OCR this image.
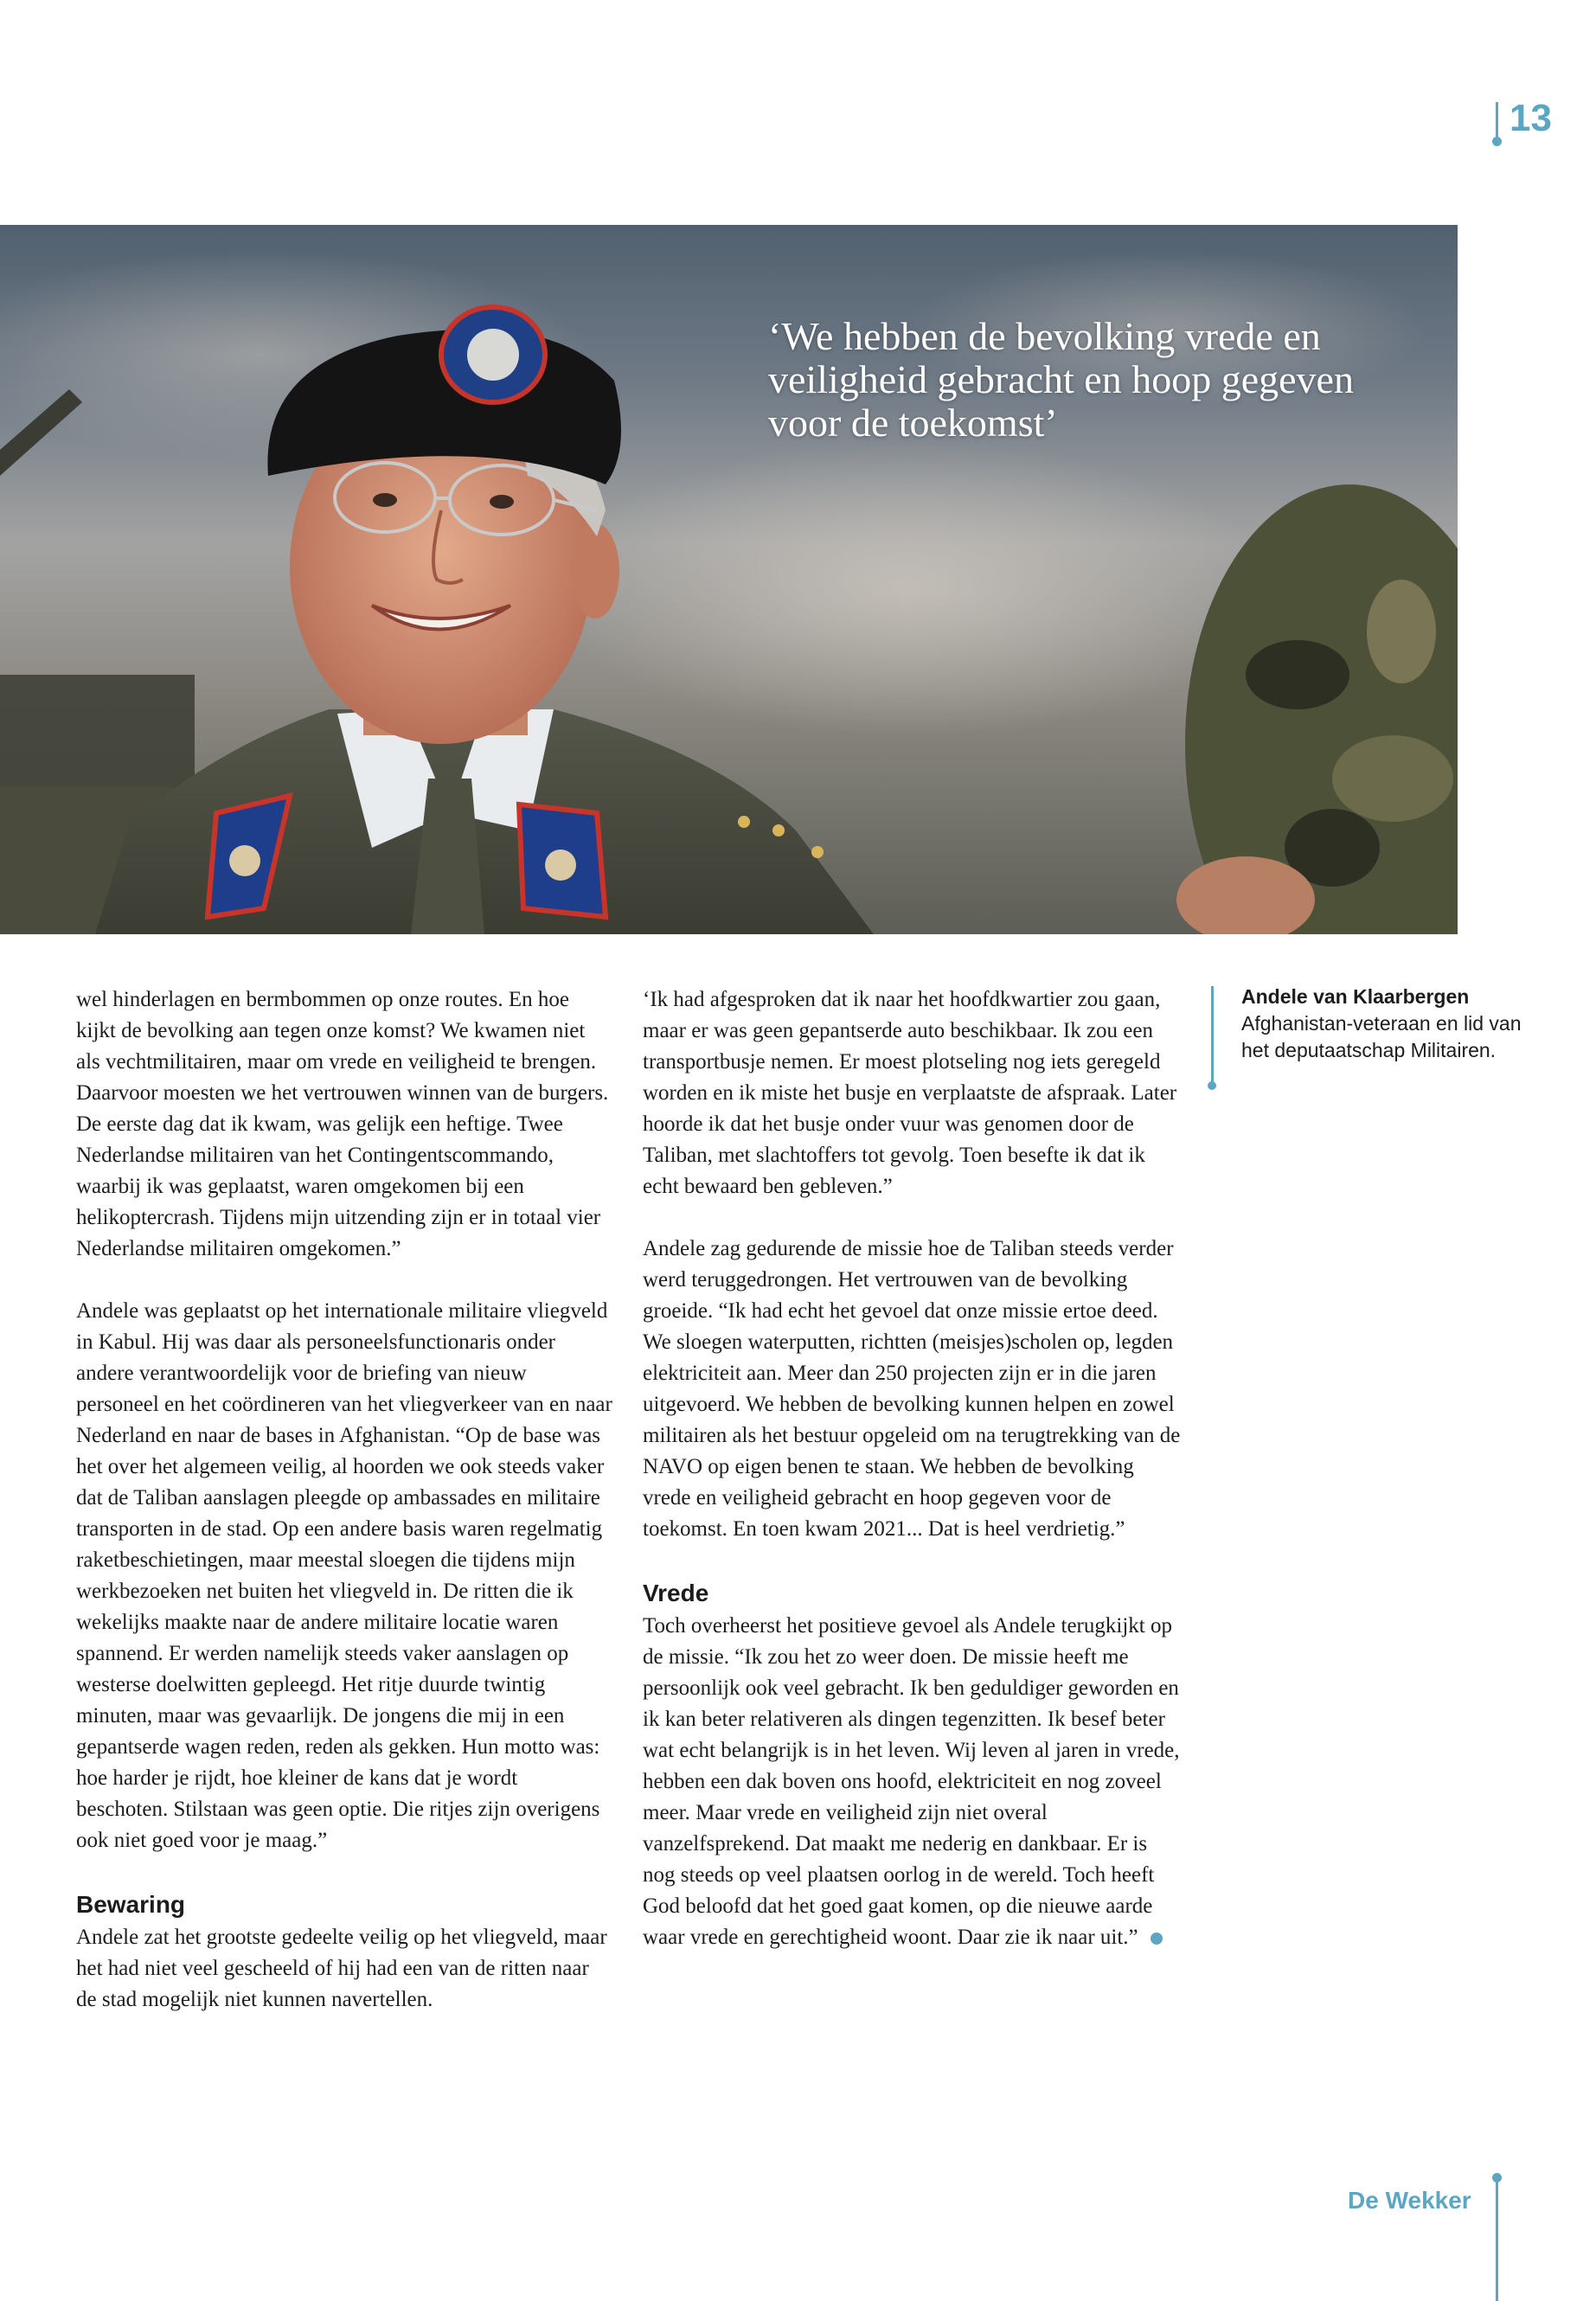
13

‘We hebben de bevolking vrede en veiligheid gebracht en hoop gegeven voor de toekomst’

wel hinderlagen en bermbommen op onze routes. En hoe kijkt de bevolking aan tegen onze komst? We kwamen niet als vechtmilitairen, maar om vrede en veiligheid te brengen. Daarvoor moesten we het vertrouwen winnen van de burgers. De eerste dag dat ik kwam, was gelijk een heftige. Twee Nederlandse militairen van het Contingentscommando, waarbij ik was geplaatst, waren omgekomen bij een helikoptercrash. Tijdens mijn uitzending zijn er in totaal vier Nederlandse militairen omgekomen.”

Andele was geplaatst op het internationale militaire vliegveld in Kabul. Hij was daar als personeelsfunctionaris onder andere verantwoordelijk voor de briefing van nieuw personeel en het coördineren van het vliegverkeer van en naar Nederland en naar de bases in Afghanistan. “Op de base was het over het algemeen veilig, al hoorden we ook steeds vaker dat de Taliban aanslagen pleegde op ambassades en militaire transporten in de stad. Op een andere basis waren regelmatig raketbeschietingen, maar meestal sloegen die tijdens mijn werkbezoeken net buiten het vliegveld in. De ritten die ik wekelijks maakte naar de andere militaire locatie waren spannend. Er werden namelijk steeds vaker aanslagen op westerse doelwitten gepleegd. Het ritje duurde twintig minuten, maar was gevaarlijk. De jongens die mij in een gepantserde wagen reden, reden als gekken. Hun motto was: hoe harder je rijdt, hoe kleiner de kans dat je wordt beschoten. Stilstaan was geen optie. Die ritjes zijn overigens ook niet goed voor je maag.”

Bewaring

Andele zat het grootste gedeelte veilig op het vliegveld, maar het had niet veel gescheeld of hij had een van de ritten naar de stad mogelijk niet kunnen navertellen.

‘Ik had afgesproken dat ik naar het hoofdkwartier zou gaan, maar er was geen gepantserde auto beschikbaar. Ik zou een transportbusje nemen. Er moest plotseling nog iets geregeld worden en ik miste het busje en verplaatste de afspraak. Later hoorde ik dat het busje onder vuur was genomen door de Taliban, met slachtoffers tot gevolg. Toen besefte ik dat ik echt bewaard ben gebleven.”

Andele zag gedurende de missie hoe de Taliban steeds verder werd teruggedrongen. Het vertrouwen van de bevolking groeide. “Ik had echt het gevoel dat onze missie ertoe deed. We sloegen waterputten, richtten (meisjes)scholen op, legden elektriciteit aan. Meer dan 250 projecten zijn er in die jaren uitgevoerd. We hebben de bevolking kunnen helpen en zowel militairen als het bestuur opgeleid om na terugtrekking van de NAVO op eigen benen te staan. We hebben de bevolking vrede en veiligheid gebracht en hoop gegeven voor de toekomst. En toen kwam 2021... Dat is heel verdrietig.”

Vrede

Toch overheerst het positieve gevoel als Andele terugkijkt op de missie. “Ik zou het zo weer doen. De missie heeft me persoonlijk ook veel gebracht. Ik ben geduldiger geworden en ik kan beter relativeren als dingen tegenzitten. Ik besef beter wat echt belangrijk is in het leven. Wij leven al jaren in vrede, hebben een dak boven ons hoofd, elektriciteit en nog zoveel meer. Maar vrede en veiligheid zijn niet overal vanzelfsprekend. Dat maakt me nederig en dankbaar. Er is nog steeds op veel plaatsen oorlog in de wereld. Toch heeft God beloofd dat het goed gaat komen, op die nieuwe aarde waar vrede en gerechtigheid woont. Daar zie ik naar uit.”

Andele van Klaarbergen
Afghanistan-veteraan en lid van het deputaatschap Militairen.
De Wekker
